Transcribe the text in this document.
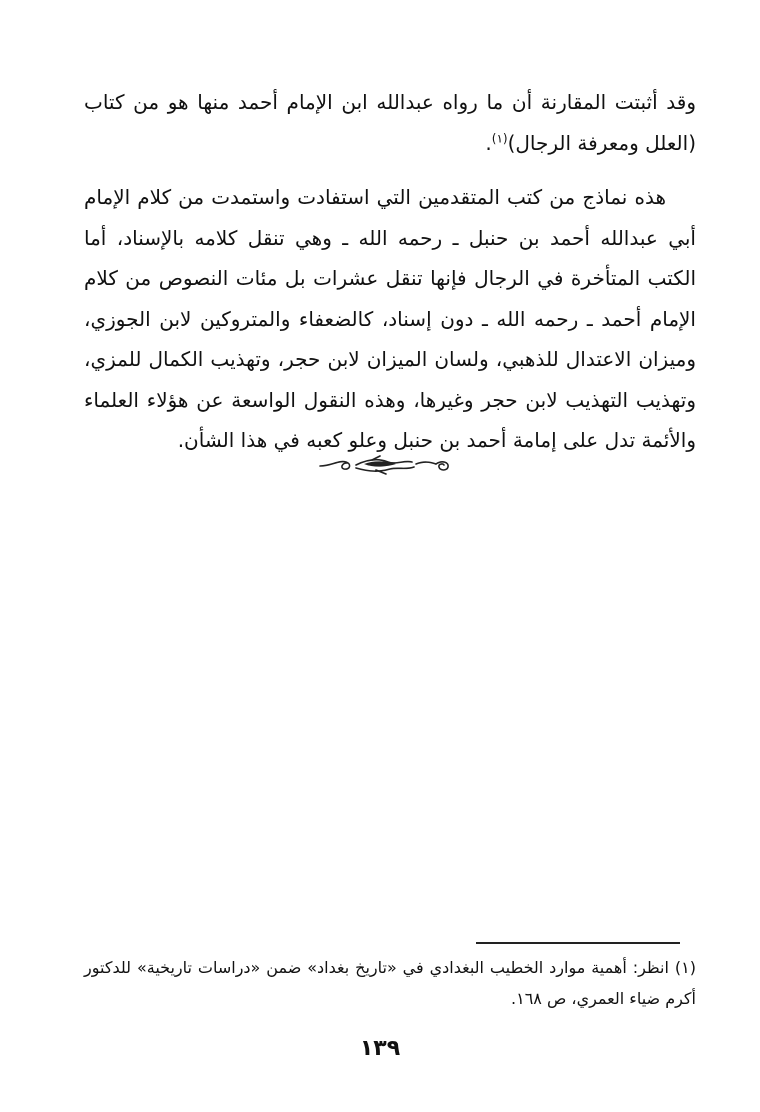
وقد أثبتت المقارنة أن ما رواه عبدالله ابن الإمام أحمد منها هو من كتاب (العلل ومعرفة الرجال)$^{(١)}$.

هذه نماذج من كتب المتقدمين التي استفادت واستمدت من كلام الإمام أبي عبدالله أحمد بن حنبل ـ رحمه الله ـ وهي تنقل كلامه بالإسناد، أما الكتب المتأخرة في الرجال فإنها تنقل عشرات بل مئات النصوص من كلام الإمام أحمد ـ رحمه الله ـ دون إسناد، كالضعفاء والمتروكين لابن الجوزي، وميزان الاعتدال للذهبي، ولسان الميزان لابن حجر، وتهذيب الكمال للمزي، وتهذيب التهذيب لابن حجر وغيرها، وهذه النقول الواسعة عن هؤلاء العلماء والأئمة تدل على إمامة أحمد بن حنبل وعلو كعبه في هذا الشأن.

(١) انظر: أهمية موارد الخطيب البغدادي في «تاريخ بغداد» ضمن «دراسات تاريخية» للدكتور أكرم ضياء العمري، ص ١٦٨.

١٣٩
